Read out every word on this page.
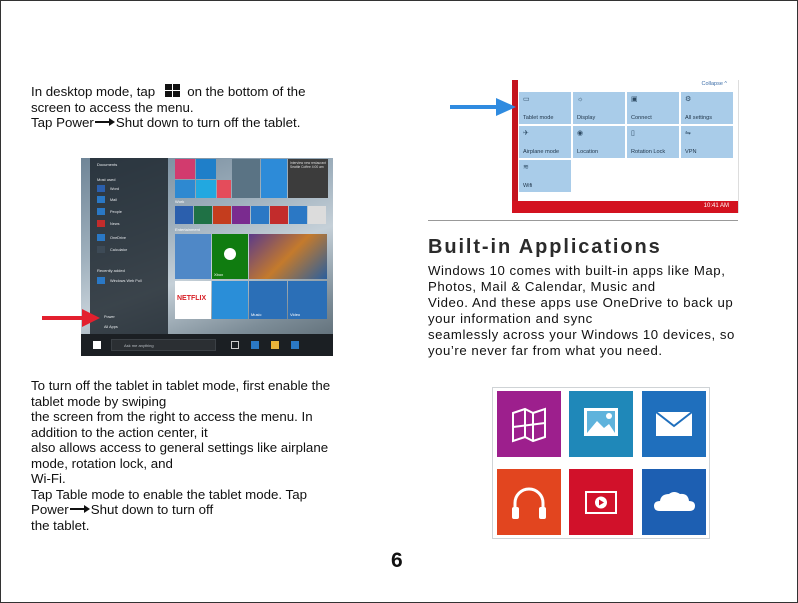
In desktop mode, tap on the bottom of the
screen to access the menu.
Tap Power Shut down to turn off the tablet.
Documents
Most used
Word
Mail
People
News
OneDrive
Calculator
Recently added
Windows Web Pull
Power
All Apps
Interview new restaurant Seattle Coffee 4:00 am
Work
Entertainment
Xbox
NETFLIX
Music	Video
Ask me anything
To turn off the tablet in tablet mode, first enable the
tablet mode by swiping
the screen from the right to access the menu. In
addition to the action center, it
also allows access to general settings like airplane
mode, rotation lock, and
Wi-Fi.
Tap Table mode to enable the tablet mode. Tap
Power Shut down to turn off
the tablet.
Collapse ^
▭
Tablet mode
☼
Display
▣
Connect
⚙
All settings
✈
Airplane mode
◉
Location
▯
Rotation Lock
⇋
VPN
≋
Wifi
10:41 AM
Built-in Applications
Windows 10 comes with built-in apps like Map,
Photos, Mail & Calendar, Music and
Video. And these apps use OneDrive to back up
your information and sync
seamlessly across your Windows 10 devices, so
you’re never far from what you need.
6
